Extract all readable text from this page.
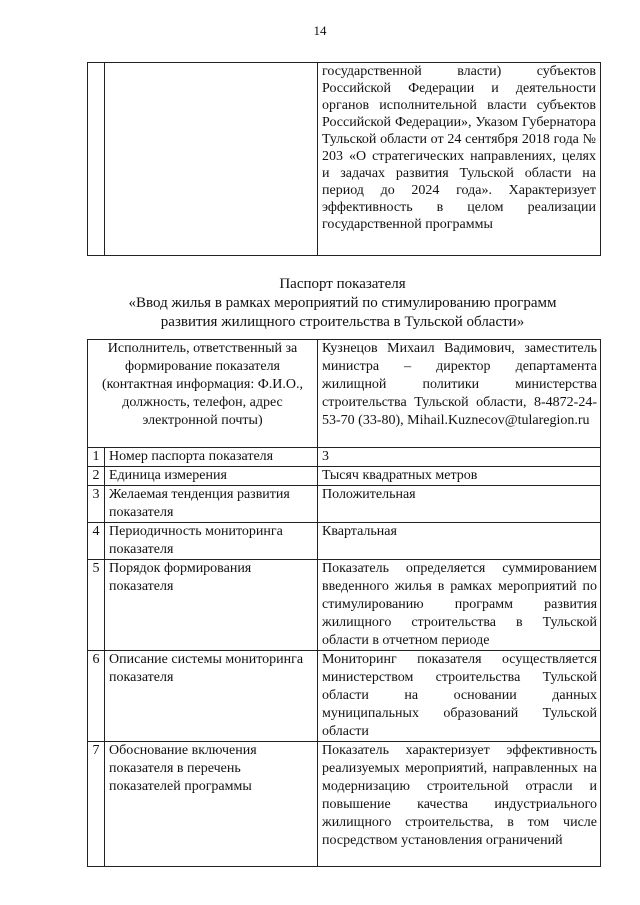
14
		государственной власти) субъектов Российской Федерации и деятельности органов исполнительной власти субъектов Российской Федерации», Указом Губернатора Тульской области от 24 сентября 2018 года № 203 «О стратегических направлениях, целях и задачах развития Тульской области на период до 2024 года». Характеризует эффективность в целом реализации государственной программы
Паспорт показателя
«Ввод жилья в рамках мероприятий по стимулированию программ
развития жилищного строительства в Тульской области»
Исполнитель, ответственный за формирование показателя (контактная информация: Ф.И.О., должность, телефон, адрес электронной почты)		Кузнецов Михаил Вадимович, заместитель министра – директор департамента жилищной политики министерства строительства Тульской области, 8-4872-24-53-70 (33-80), Mihail.Kuznecov@tularegion.ru
1	Номер паспорта показателя	3
2	Единица измерения	Тысяч квадратных метров
3	Желаемая тенденция развития показателя	Положительная
4	Периодичность мониторинга показателя	Квартальная
5	Порядок формирования показателя	Показатель определяется суммированием введенного жилья в рамках мероприятий по стимулированию программ развития жилищного строительства в Тульской области в отчетном периоде
6	Описание системы мониторинга показателя	Мониторинг показателя осуществляется министерством строительства Тульской области на основании данных муниципальных образований Тульской области
7	Обоснование включения показателя в перечень показателей программы	Показатель характеризует эффективность реализуемых мероприятий, направленных на модернизацию строительной отрасли и повышение качества индустриального жилищного строительства, в том числе посредством установления ограничений
